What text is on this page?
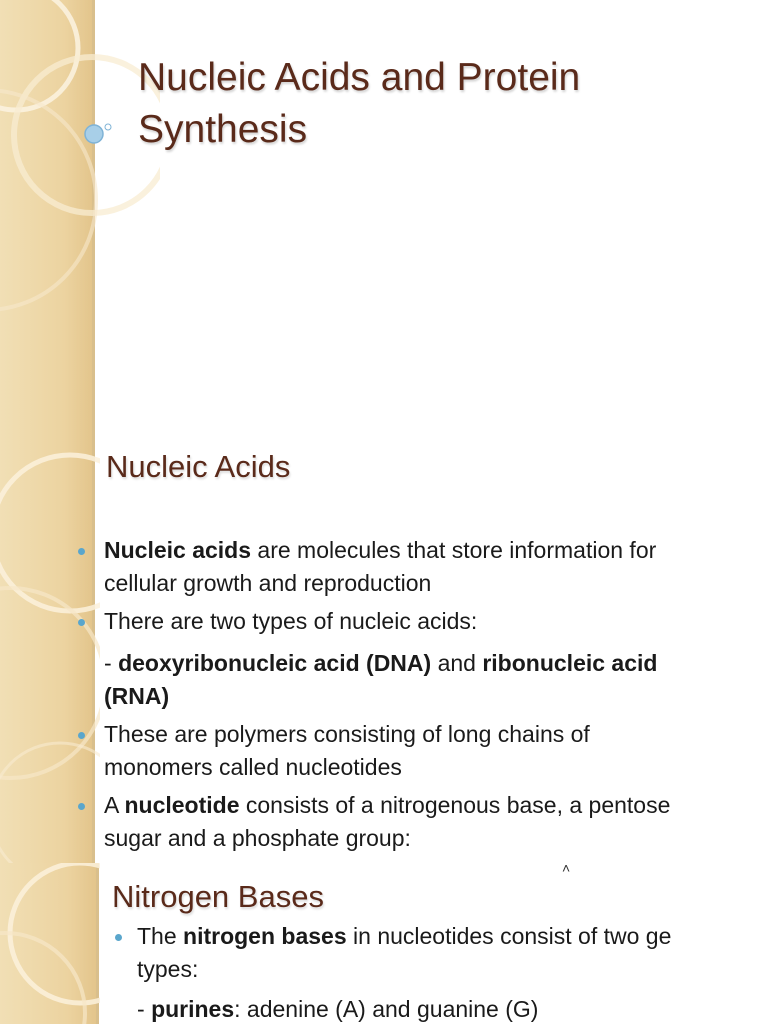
Nucleic Acids and Protein
Synthesis
Nucleic Acids
Nucleic acids are molecules that store information for
cellular growth and reproduction
There are two types of nucleic acids:
- deoxyribonucleic acid (DNA) and ribonucleic acid
(RNA)
These are polymers consisting of long chains of
monomers called nucleotides
A nucleotide consists of a nitrogenous base, a pentose
sugar and a phosphate group:
˄
Nitrogen Bases
The nitrogen bases in nucleotides consist of two ge
types:
- purines: adenine (A) and guanine (G)
